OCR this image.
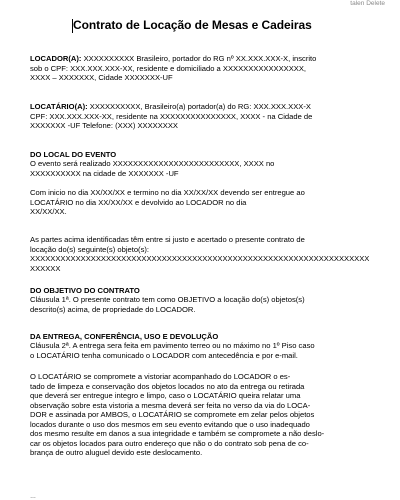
talen Delete
Contrato de Locação de Mesas e Cadeiras
LOCADOR(A): XXXXXXXXXX Brasileiro, portador do RG nº XX.XXX.XXX-X, inscrito
sob o CPF: XXX.XXX.XXX-XX, residente e domiciliado a XXXXXXXXXXXXXXXX,
XXXX – XXXXXXX, Cidade XXXXXXX-UF
LOCATÁRIO(A): XXXXXXXXXX, Brasileiro(a) portador(a) do RG: XXX.XXX.XXX-X
CPF: XXX.XXX.XXX-XX, residente na XXXXXXXXXXXXXXX, XXXX - na Cidade de
XXXXXXX -UF Telefone: (XXX) XXXXXXXX
DO LOCAL DO EVENTO
O evento será realizado XXXXXXXXXXXXXXXXXXXXXXXXX, XXXX no
XXXXXXXXXX na cidade de XXXXXXX -UF
Com inicio no dia XX/XX/XX e termino no dia XX/XX/XX devendo ser entregue ao
LOCATÁRIO no dia XX/XX/XX e devolvido ao LOCADOR no dia
XX/XX/XX.
As partes acima identificadas têm entre si justo e acertado o presente contrato de
locação do(s) seguinte(s) objeto(s):
XXXXXXXXXXXXXXXXXXXXXXXXXXXXXXXXXXXXXXXXXXXXXXXXXXXXXXXXXXXXXXXXXXX
XXXXXX
DO OBJETIVO DO CONTRATO
Cláusula 1ª. O presente contrato tem como OBJETIVO a locação do(s) objetos(s)
descrito(s) acima, de propriedade do LOCADOR.
DA ENTREGA, CONFERÊNCIA, USO E DEVOLUÇÃO
Cláusula 2ª. A entrega sera feita em pavimento terreo ou no máximo no 1º Piso caso
o LOCATÁRIO tenha comunicado o LOCADOR com antecedência e por e-mail.
O LOCATÁRIO se compromete a vistoriar acompanhado do LOCADOR o es-
tado de limpeza e conservação dos objetos locados no ato da entrega ou retirada
que deverá ser entregue integro e limpo, caso o LOCATÁRIO queira relatar uma
observação sobre esta vistoria a mesma deverá ser feita no verso da via do LOCA-
DOR e assinada por AMBOS, o LOCATÁRIO se compromete em zelar pelos objetos
locados durante o uso dos mesmos em seu evento evitando que o uso inadequado
dos mesmo resulte em danos a sua integridade e também se compromete a não deslo-
car os objetos locados para outro endereço que não o do contrato sob pena de co-
brança de outro aluguel devido este deslocamento.
…
